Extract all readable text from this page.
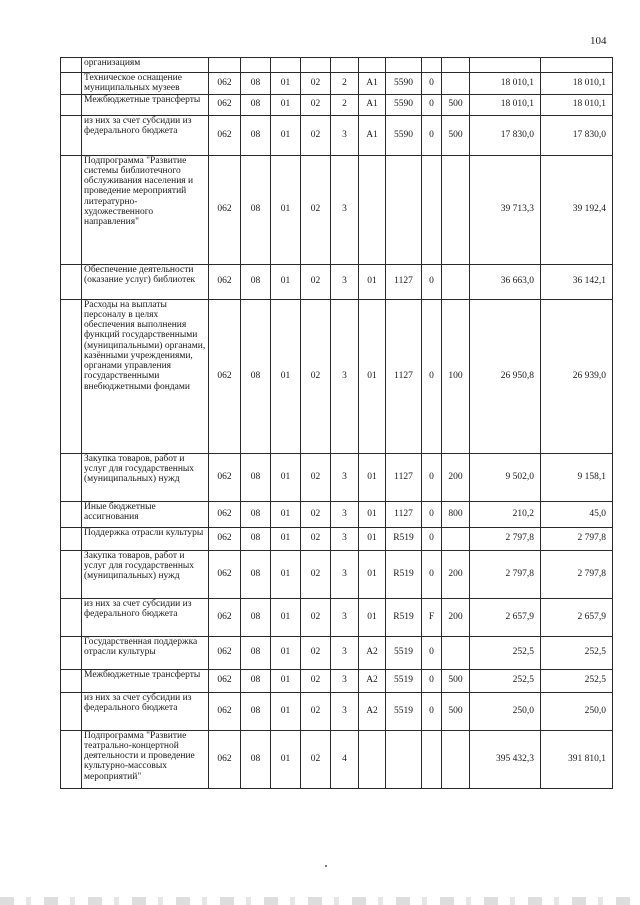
104
	организациям											
	Техническое оснащение муниципальных музеев	062	08	01	02	2	A1	5590	0		18 010,1	18 010,1
	Межбюджетные трансферты	062	08	01	02	2	A1	5590	0	500	18 010,1	18 010,1
	из них за счет субсидии из федерального бюджета	062	08	01	02	3	A1	5590	0	500	17 830,0	17 830,0
	Подпрограмма "Развитие системы библиотечного обслуживания населения и проведение мероприятий литературно-художественного направления"	062	08	01	02	3					39 713,3	39 192,4
	Обеспечение деятельности (оказание услуг) библиотек	062	08	01	02	3	01	1127	0		36 663,0	36 142,1
	Расходы на выплаты персоналу в целях обеспечения выполнения функций государственными (муниципальными) органами, казёнными учреждениями, органами управления государственными внебюджетными фондами	062	08	01	02	3	01	1127	0	100	26 950,8	26 939,0
	Закупка товаров, работ и услуг для государственных (муниципальных) нужд	062	08	01	02	3	01	1127	0	200	9 502,0	9 158,1
	Иные бюджетные ассигнования	062	08	01	02	3	01	1127	0	800	210,2	45,0
	Поддержка отрасли культуры	062	08	01	02	3	01	R519	0		2 797,8	2 797,8
	Закупка товаров, работ и услуг для государственных (муниципальных) нужд	062	08	01	02	3	01	R519	0	200	2 797,8	2 797,8
	из них за счет субсидии из федерального бюджета	062	08	01	02	3	01	R519	F	200	2 657,9	2 657,9
	Государственная поддержка отрасли культуры	062	08	01	02	3	A2	5519	0		252,5	252,5
	Межбюджетные трансферты	062	08	01	02	3	A2	5519	0	500	252,5	252,5
	из них за счет субсидии из федерального бюджета	062	08	01	02	3	A2	5519	0	500	250,0	250,0
	Подпрограмма "Развитие театрально-концертной деятельности и проведение культурно-массовых мероприятий"	062	08	01	02	4					395 432,3	391 810,1
